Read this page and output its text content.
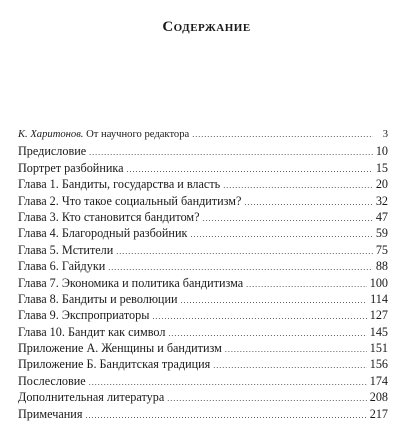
Содержание
К. Харитонов. От научного редактора .....	3
Предисловие .....	10
Портрет разбойника .....	15
Глава 1. Бандиты, государства и власть .....	20
Глава 2. Что такое социальный бандитизм? .....	32
Глава 3. Кто становится бандитом? .....	47
Глава 4. Благородный разбойник .....	59
Глава 5. Мстители .....	75
Глава 6. Гайдуки .....	88
Глава 7. Экономика и политика бандитизма .....	100
Глава 8. Бандиты и революции .....	114
Глава 9. Экспроприаторы .....	127
Глава 10. Бандит как символ .....	145
Приложение А. Женщины и бандитизм .....	151
Приложение Б. Бандитская традиция .....	156
Послесловие .....	174
Дополнительная литература .....	208
Примечания .....	217
